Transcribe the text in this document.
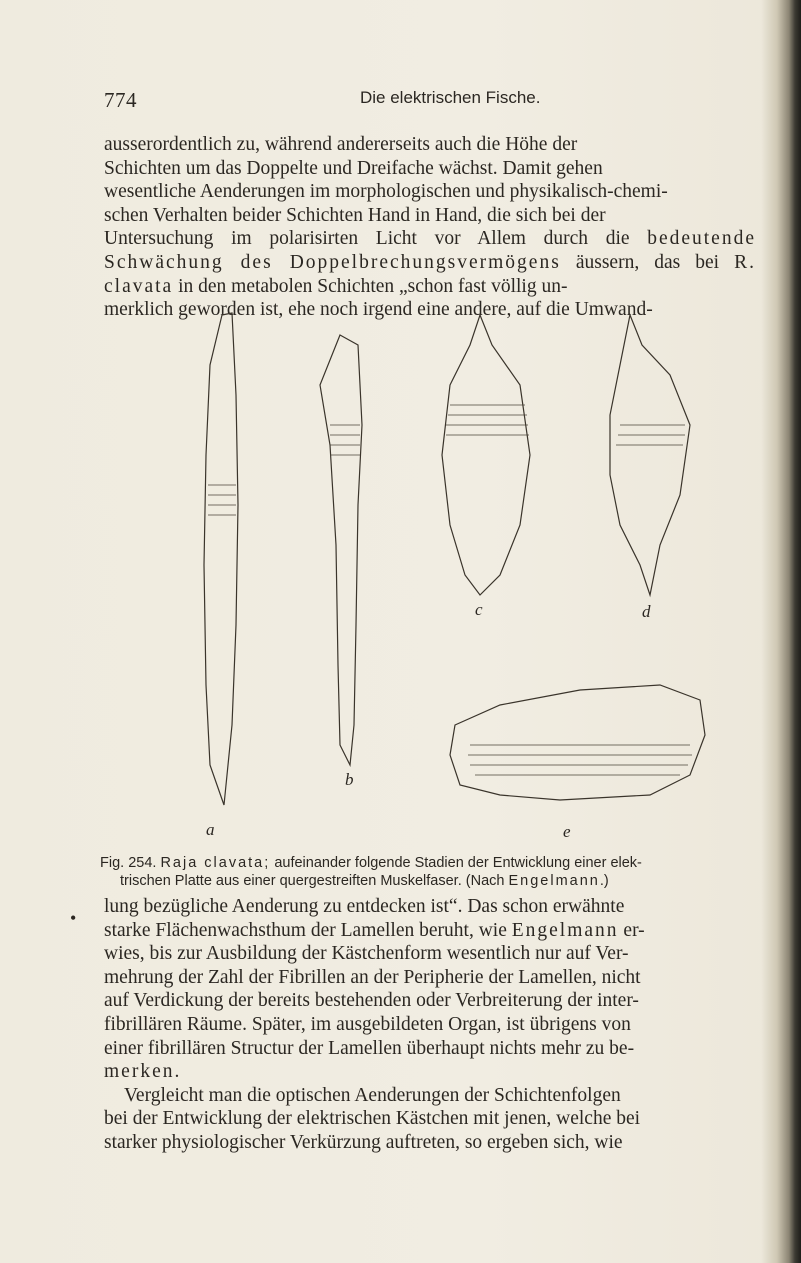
774	Die elektrischen Fische.

ausserordentlich zu, während andererseits auch die Höhe der

Schichten um das Doppelte und Dreifache wächst. Damit gehen

wesentliche Aenderungen im morphologischen und physikalisch-chemi-

schen Verhalten beider Schichten Hand in Hand, die sich bei der

Untersuchung im polarisirten Licht vor Allem durch die bedeutende Schwächung des Doppelbrechungsvermögens äussern, das bei R. clavata in den metabolen Schichten „schon fast völlig un-

merklich geworden ist, ehe noch irgend eine andere, auf die Umwand-

a
b
c	d
e
Fig. 254. Raja clavata; aufeinander folgende Stadien der Entwicklung einer elek-
trischen Platte aus einer quergestreiften Muskelfaser. (Nach Engelmann.)
•

lung bezügliche Aenderung zu entdecken ist“. Das schon erwähnte

starke Flächenwachsthum der Lamellen beruht, wie Engelmann er-

wies, bis zur Ausbildung der Kästchenform wesentlich nur auf Ver-

mehrung der Zahl der Fibrillen an der Peripherie der Lamellen, nicht

auf Verdickung der bereits bestehenden oder Verbreiterung der inter-

fibrillären Räume. Später, im ausgebildeten Organ, ist übrigens von

einer fibrillären Structur der Lamellen überhaupt nichts mehr zu be-

merken.

Vergleicht man die optischen Aenderungen der Schichtenfolgen

bei der Entwicklung der elektrischen Kästchen mit jenen, welche bei

starker physiologischer Verkürzung auftreten, so ergeben sich, wie
